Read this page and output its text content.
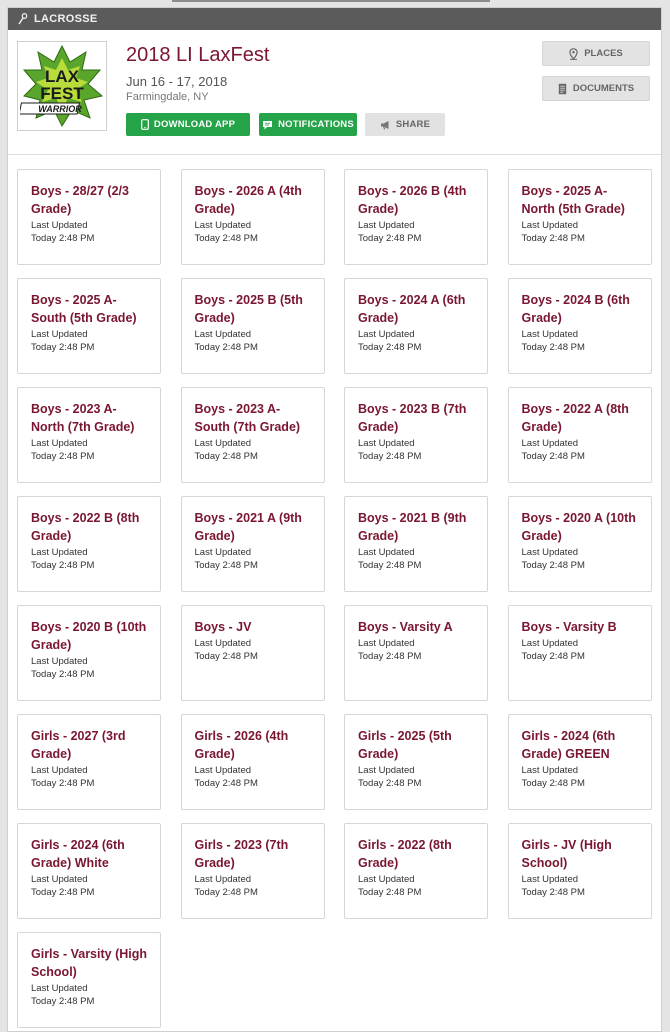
LACROSSE
LAX
FEST
WARRIOR
2018 LI LaxFest
Jun 16 - 17, 2018
Farmingdale, NY
DOWNLOAD APP	NOTIFICATIONS	SHARE
PLACES
DOCUMENTS
Boys - 28/27 (2/3 Grade)
Last Updated
Today 2:48 PM
Boys - 2026 A (4th Grade)
Last Updated
Today 2:48 PM
Boys - 2026 B (4th Grade)
Last Updated
Today 2:48 PM
Boys - 2025 A-North (5th Grade)
Last Updated
Today 2:48 PM
Boys - 2025 A-South (5th Grade)
Last Updated
Today 2:48 PM
Boys - 2025 B (5th Grade)
Last Updated
Today 2:48 PM
Boys - 2024 A (6th Grade)
Last Updated
Today 2:48 PM
Boys - 2024 B (6th Grade)
Last Updated
Today 2:48 PM
Boys - 2023 A-North (7th Grade)
Last Updated
Today 2:48 PM
Boys - 2023 A-South (7th Grade)
Last Updated
Today 2:48 PM
Boys - 2023 B (7th Grade)
Last Updated
Today 2:48 PM
Boys - 2022 A (8th Grade)
Last Updated
Today 2:48 PM
Boys - 2022 B (8th Grade)
Last Updated
Today 2:48 PM
Boys - 2021 A (9th Grade)
Last Updated
Today 2:48 PM
Boys - 2021 B (9th Grade)
Last Updated
Today 2:48 PM
Boys - 2020 A (10th Grade)
Last Updated
Today 2:48 PM
Boys - 2020 B (10th Grade)
Last Updated
Today 2:48 PM
Boys - JV
Last Updated
Today 2:48 PM
Boys - Varsity A
Last Updated
Today 2:48 PM
Boys - Varsity B
Last Updated
Today 2:48 PM
Girls - 2027 (3rd Grade)
Last Updated
Today 2:48 PM
Girls - 2026 (4th Grade)
Last Updated
Today 2:48 PM
Girls - 2025 (5th Grade)
Last Updated
Today 2:48 PM
Girls - 2024 (6th Grade) GREEN
Last Updated
Today 2:48 PM
Girls - 2024 (6th Grade) White
Last Updated
Today 2:48 PM
Girls - 2023 (7th Grade)
Last Updated
Today 2:48 PM
Girls - 2022 (8th Grade)
Last Updated
Today 2:48 PM
Girls - JV (High School)
Last Updated
Today 2:48 PM
Girls - Varsity (High School)
Last Updated
Today 2:48 PM
